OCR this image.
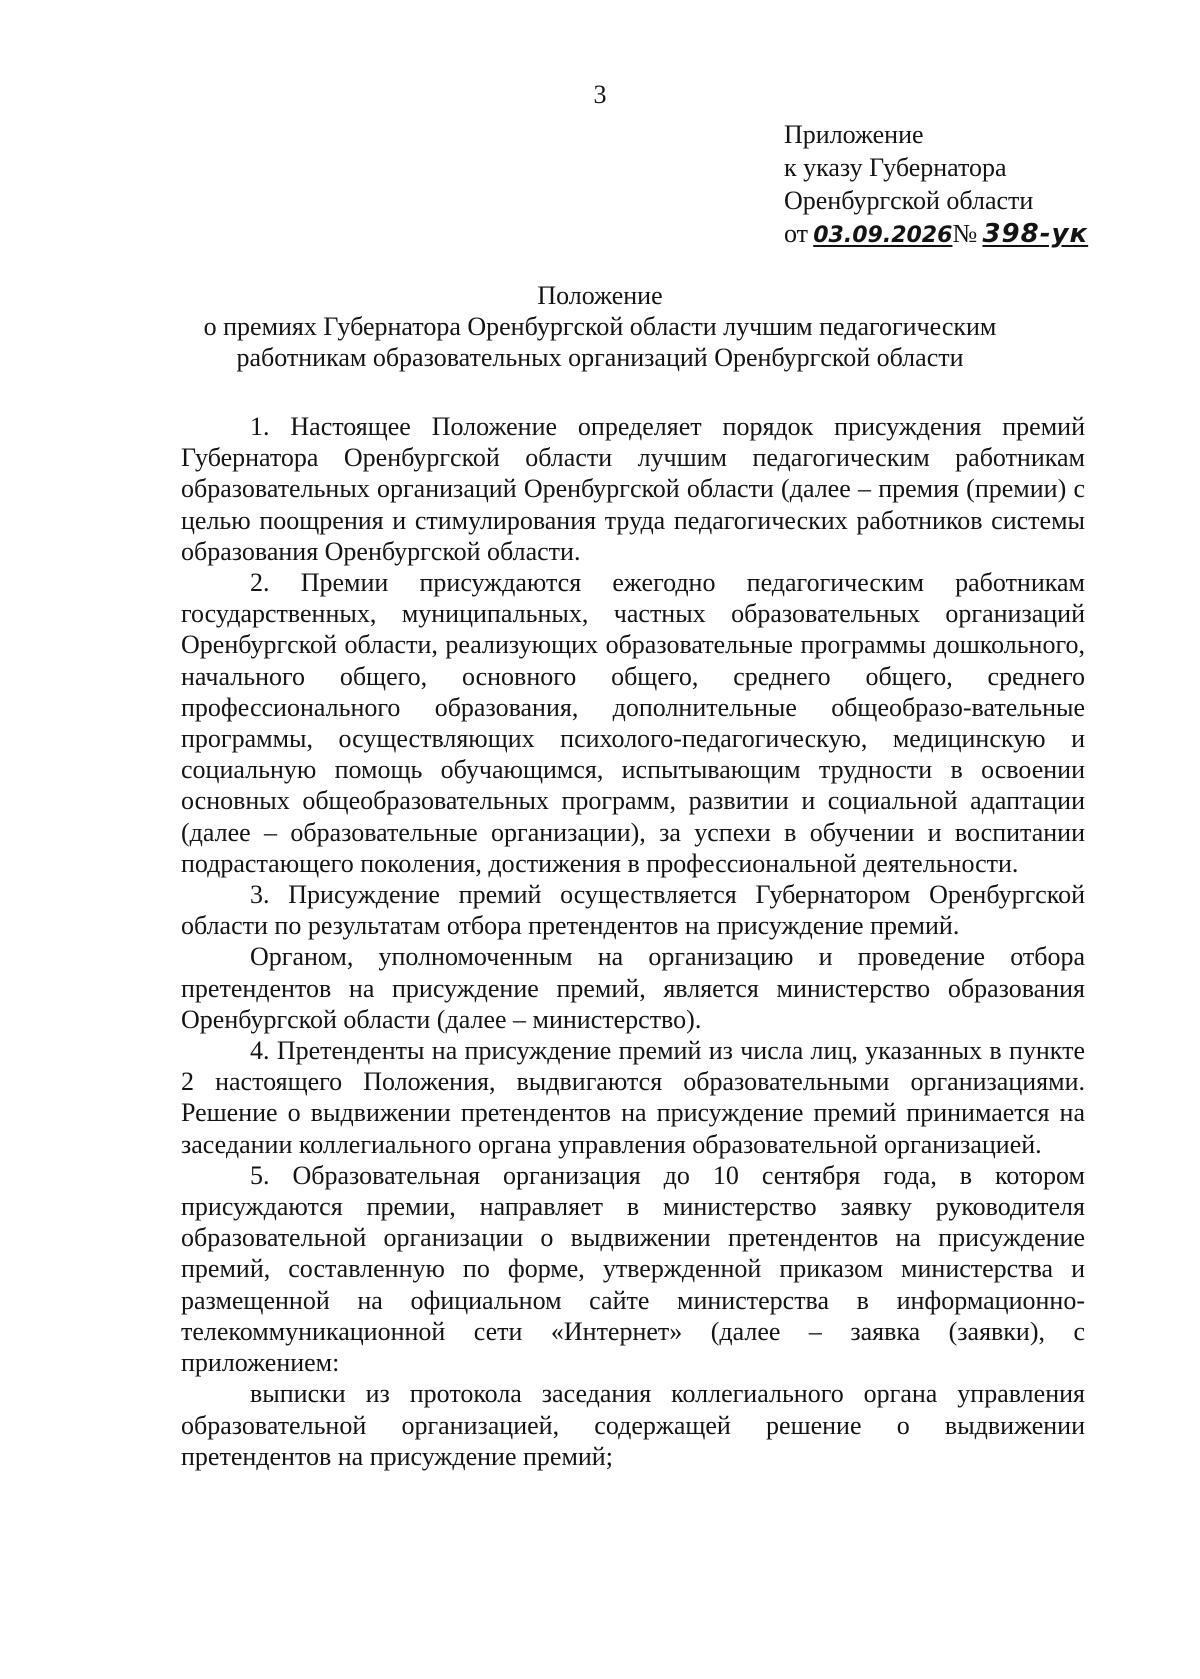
3
Приложение
к указу Губернатора
Оренбургской области
от  03.09.2026№  398-ук
Положение
о премиях Губернатора Оренбургской области лучшим педагогическим
работникам образовательных организаций Оренбургской области

1. Настоящее Положение определяет порядок присуждения премий Губернатора Оренбургской области лучшим педагогическим работникам образовательных организаций Оренбургской области (далее – премия (премии) с целью поощрения и стимулирования труда педагогических работников системы образования Оренбургской области.

2. Премии присуждаются ежегодно педагогическим работникам государственных, муниципальных, частных образовательных организаций Оренбургской области, реализующих образовательные программы дошкольного, начального общего, основного общего, среднего общего, среднего профессионального образования, дополнительные общеобразо-вательные программы, осуществляющих психолого-педагогическую, медицинскую и социальную помощь обучающимся, испытывающим трудности в освоении основных общеобразовательных программ, развитии и социальной адаптации (далее – образовательные организации), за успехи в обучении и воспитании подрастающего поколения, достижения в профессиональной деятельности.

3. Присуждение премий осуществляется Губернатором Оренбургской области по результатам отбора претендентов на присуждение премий.

Органом, уполномоченным на организацию и проведение отбора претендентов на присуждение премий, является министерство образования Оренбургской области (далее – министерство).

4. Претенденты на присуждение премий из числа лиц, указанных в пункте 2 настоящего Положения, выдвигаются образовательными организациями. Решение о выдвижении претендентов на присуждение премий принимается на заседании коллегиального органа управления образовательной организацией.

5. Образовательная организация до 10 сентября года, в котором присуждаются премии, направляет в министерство заявку руководителя образовательной организации о выдвижении претендентов на присуждение премий, составленную по форме, утвержденной приказом министерства и размещенной на официальном сайте министерства в информационно-телекоммуникационной сети «Интернет» (далее – заявка (заявки), с приложением:

выписки из протокола заседания коллегиального органа управления образовательной организацией, содержащей решение о выдвижении претендентов на присуждение премий;
